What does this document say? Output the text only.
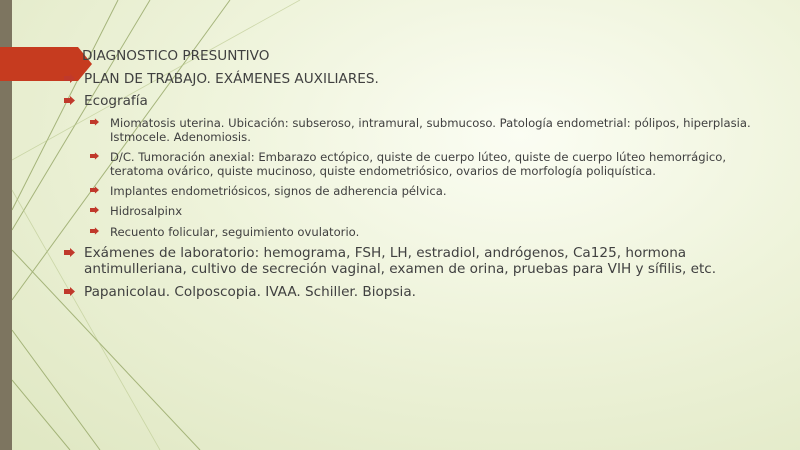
DIAGNOSTICO PRESUNTIVO
PLAN DE TRABAJO. EXÁMENES AUXILIARES.
Ecografía
Miomatosis uterina. Ubicación: subseroso, intramural, submucoso. Patología endometrial: pólipos, hiperplasia. Istmocele. Adenomiosis.
D/C. Tumoración anexial: Embarazo ectópico, quiste de cuerpo lúteo, quiste de cuerpo lúteo hemorrágico, teratoma ovárico, quiste mucinoso, quiste endometriósico, ovarios de morfología poliquística.
Implantes endometriósicos, signos de adherencia pélvica.
Hidrosalpinx
Recuento folicular, seguimiento ovulatorio.
Exámenes de laboratorio: hemograma, FSH, LH, estradiol, andrógenos, Ca125, hormona antimulleriana, cultivo de secreción vaginal, examen de orina, pruebas para VIH y sífilis, etc.
Papanicolau. Colposcopia. IVAA. Schiller. Biopsia.
